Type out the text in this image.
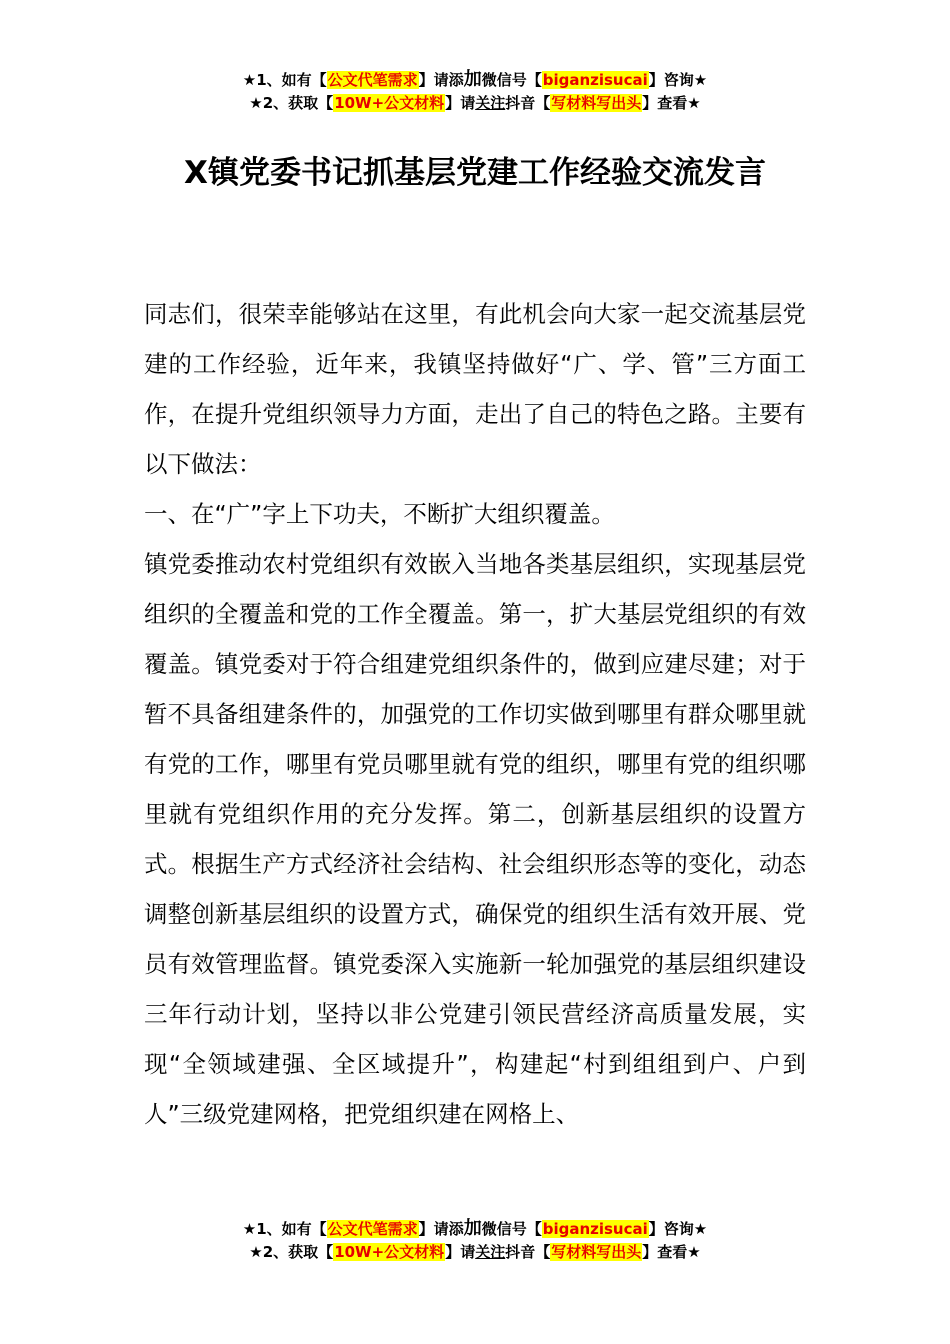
★1、如有【公文代笔需求】请添加微信号【biganzisucai】咨询★
★2、获取【10W+公文材料】请关注抖音【写材料写出头】查看★
X镇党委书记抓基层党建工作经验交流发言

同志们，很荣幸能够站在这里，有此机会向大家一起交流基层党建的工作经验，近年来，我镇坚持做好“广、学、管”三方面工作，在提升党组织领导力方面，走出了自己的特色之路。主要有以下做法：

一、在“广”字上下功夫，不断扩大组织覆盖。

镇党委推动农村党组织有效嵌入当地各类基层组织，实现基层党组织的全覆盖和党的工作全覆盖。第一，扩大基层党组织的有效覆盖。镇党委对于符合组建党组织条件的，做到应建尽建；对于暂不具备组建条件的，加强党的工作切实做到哪里有群众哪里就有党的工作，哪里有党员哪里就有党的组织，哪里有党的组织哪里就有党组织作用的充分发挥。第二，创新基层组织的设置方式。根据生产方式经济社会结构、社会组织形态等的变化，动态调整创新基层组织的设置方式，确保党的组织生活有效开展、党员有效管理监督。镇党委深入实施新一轮加强党的基层组织建设三年行动计划，坚持以非公党建引领民营经济高质量发展，实现“全领域建强、全区域提升”，构建起“村到组组到户、户到人”三级党建网格，把党组织建在网格上、

★1、如有【公文代笔需求】请添加微信号【biganzisucai】咨询★
★2、获取【10W+公文材料】请关注抖音【写材料写出头】查看★
